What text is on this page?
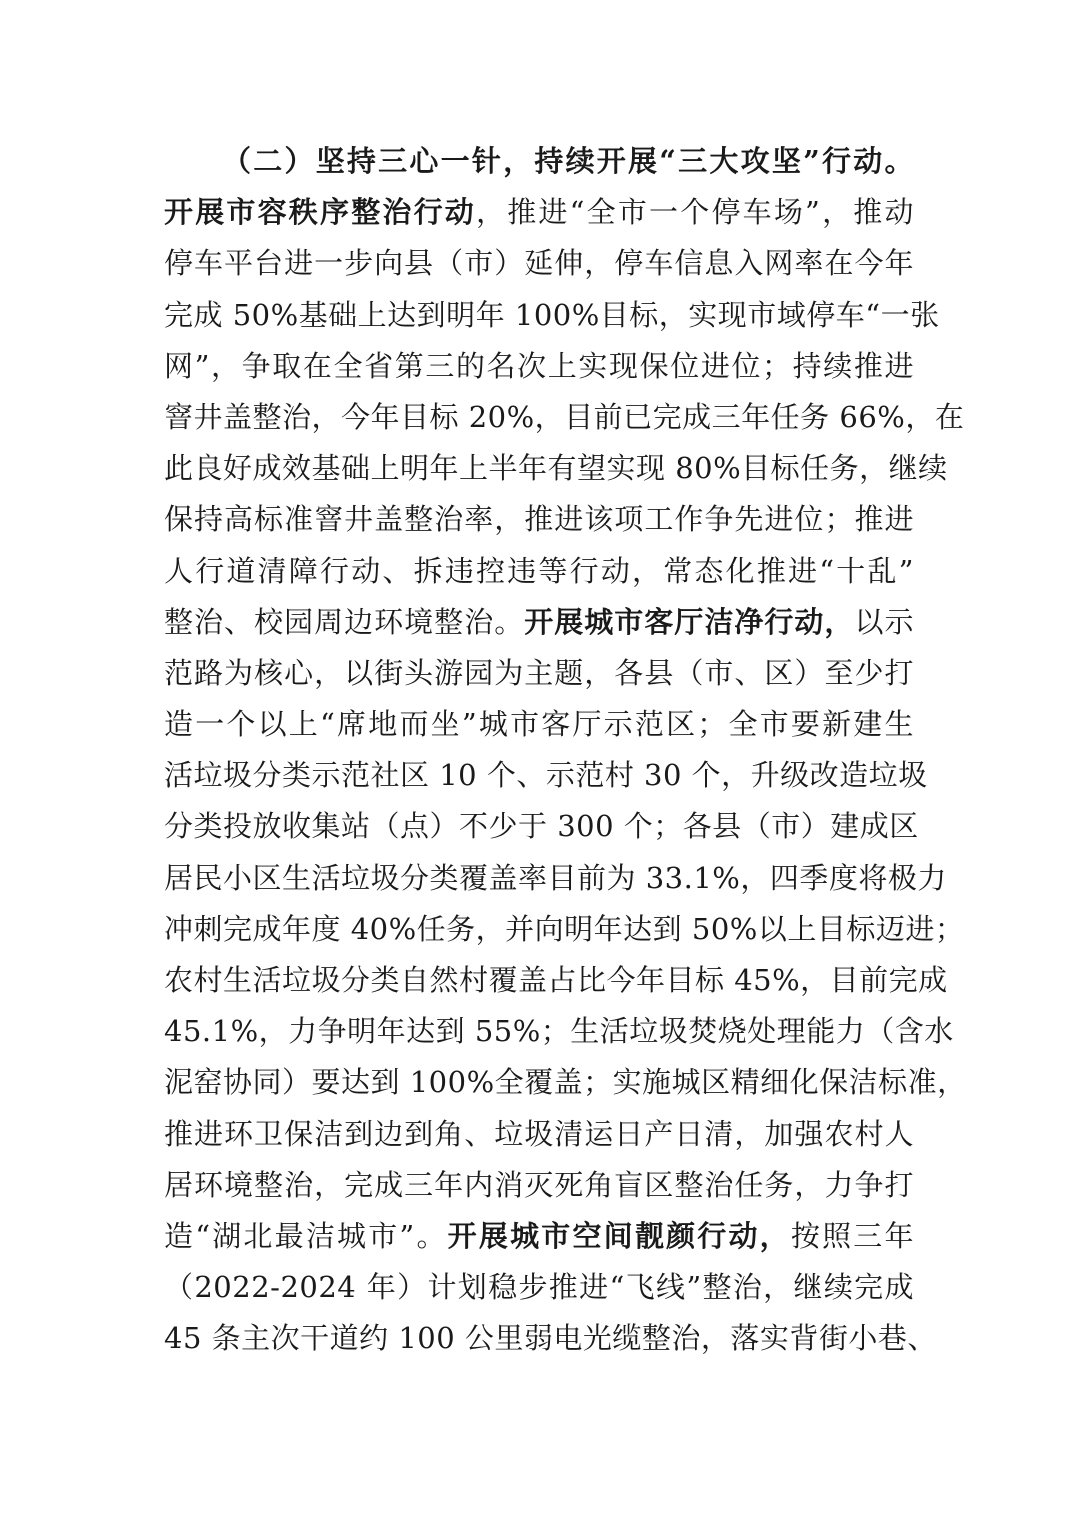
（二）坚持三心一针，持续开展“三大攻坚”行动。
开展市容秩序整治行动，推进“全市一个停车场”，推动
停车平台进一步向县（市）延伸，停车信息入网率在今年
完成 50%基础上达到明年 100%目标，实现市域停车“一张
网”，争取在全省第三的名次上实现保位进位；持续推进
窨井盖整治，今年目标 20%，目前已完成三年任务 66%，在
此良好成效基础上明年上半年有望实现 80%目标任务，继续
保持高标准窨井盖整治率，推进该项工作争先进位；推进
人行道清障行动、拆违控违等行动，常态化推进“十乱”
整治、校园周边环境整治。开展城市客厅洁净行动，以示
范路为核心，以街头游园为主题，各县（市、区）至少打
造一个以上“席地而坐”城市客厅示范区；全市要新建生
活垃圾分类示范社区 10 个、示范村 30 个，升级改造垃圾
分类投放收集站（点）不少于 300 个；各县（市）建成区
居民小区生活垃圾分类覆盖率目前为 33.1%，四季度将极力
冲刺完成年度 40%任务，并向明年达到 50%以上目标迈进；
农村生活垃圾分类自然村覆盖占比今年目标 45%，目前完成
45.1%，力争明年达到 55%；生活垃圾焚烧处理能力（含水
泥窑协同）要达到 100%全覆盖；实施城区精细化保洁标准，
推进环卫保洁到边到角、垃圾清运日产日清，加强农村人
居环境整治，完成三年内消灭死角盲区整治任务，力争打
造“湖北最洁城市”。开展城市空间靓颜行动，按照三年
（2022-2024 年）计划稳步推进“飞线”整治，继续完成
45 条主次干道约 100 公里弱电光缆整治，落实背街小巷、
